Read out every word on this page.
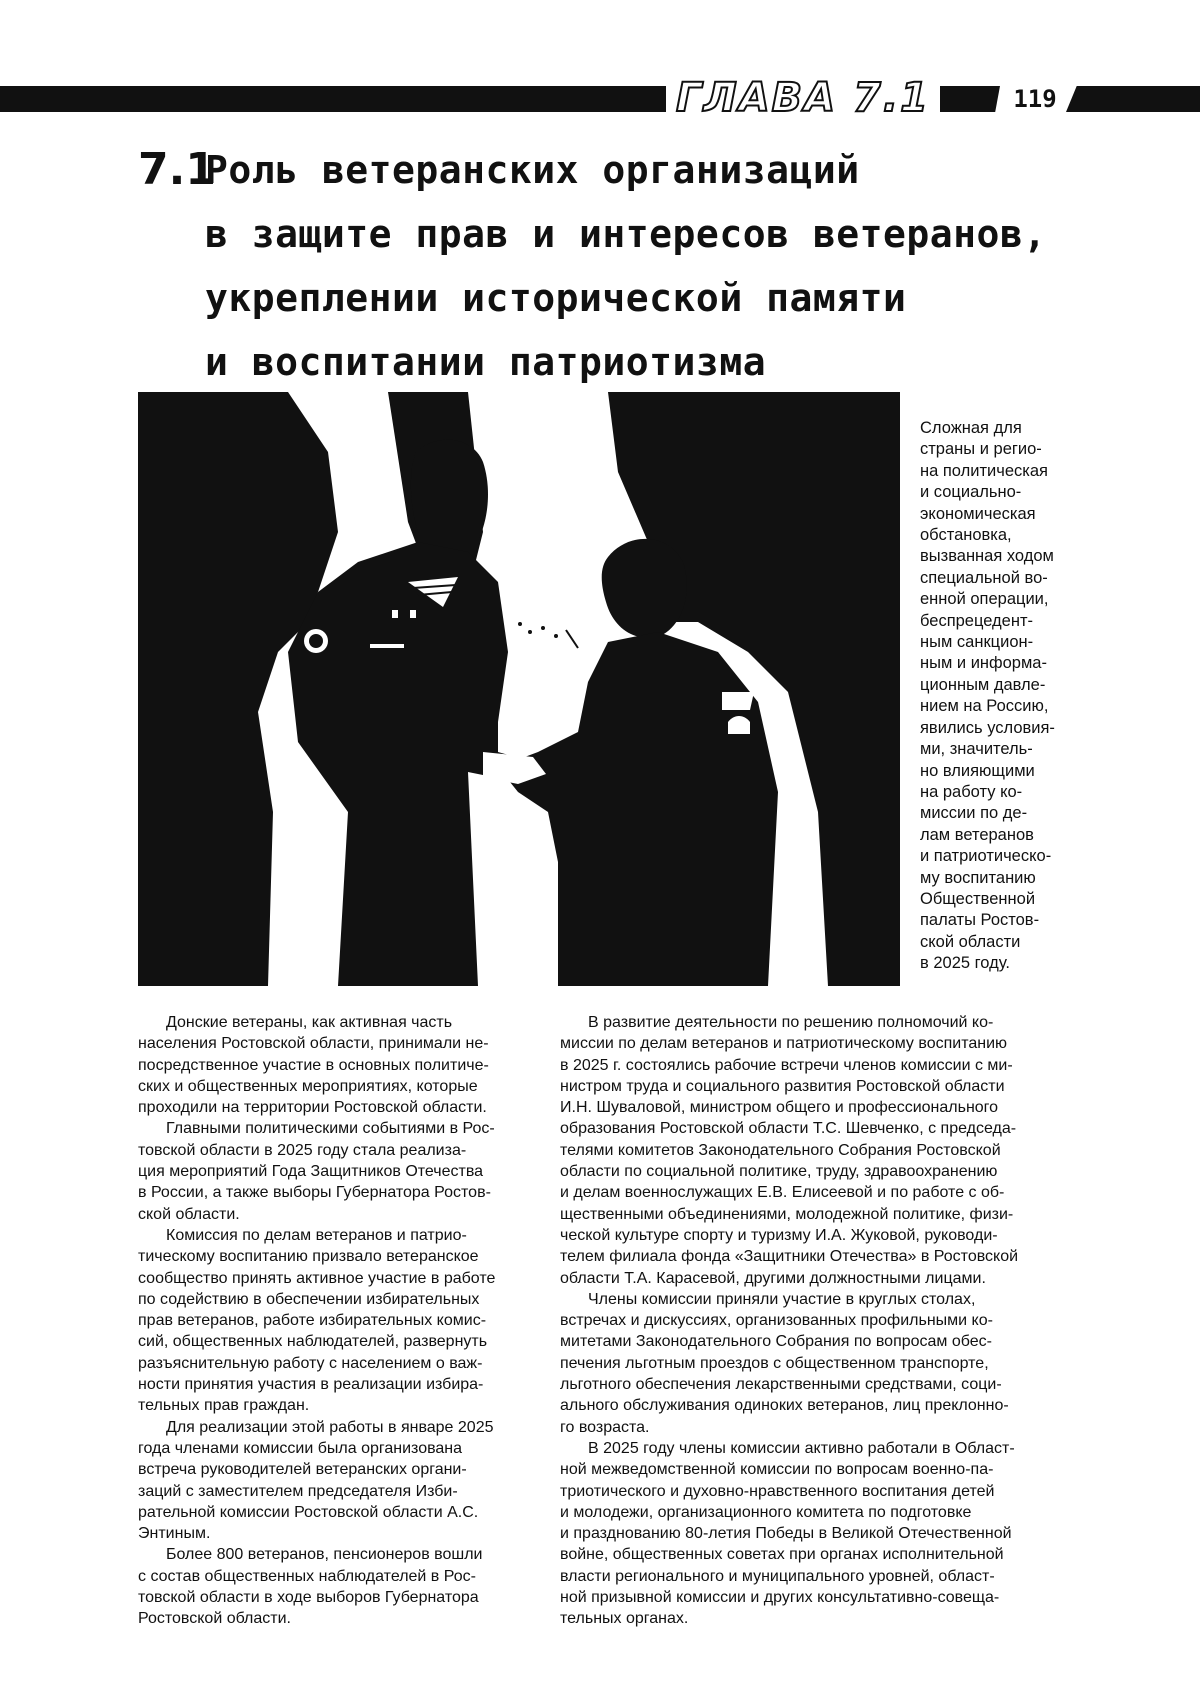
ГЛАВА 7.1	119
7.1
Роль ветеранских организаций
в защите прав и интересов ветеранов,
укреплении исторической памяти
и воспитании патриотизма
Сложная для
страны и регио-
на политическая
и социально-
экономическая
обстановка,
вызванная ходом
специальной во-
енной операции,
беспрецедент-
ным санкцион-
ным и информа-
ционным давле-
нием на Россию,
явились условия-
ми, значитель-
но влияющими
на работу ко-
миссии по де-
лам ветеранов
и патриотическо-
му воспитанию
Общественной
палаты Ростов-
ской области
в 2025 году.
Донские ветераны, как активная часть
населения Ростовской области, принимали не-
посредственное участие в основных политиче-
ских и общественных мероприятиях, которые
проходили на территории Ростовской области.
Главными политическими событиями в Рос-
товской области в 2025 году стала реализа-
ция мероприятий Года Защитников Отечества
в России, а также выборы Губернатора Ростов-
ской области.
Комиссия по делам ветеранов и патрио-
тическому воспитанию призвало ветеранское
сообщество принять активное участие в работе
по содействию в обеспечении избирательных
прав ветеранов, работе избирательных комис-
сий, общественных наблюдателей, развернуть
разъяснительную работу с населением о важ-
ности принятия участия в реализации избира-
тельных прав граждан.
Для реализации этой работы в январе 2025
года членами комиссии была организована
встреча руководителей ветеранских органи-
заций с заместителем председателя Изби-
рательной комиссии Ростовской области А.С.
Энтиным.
Более 800 ветеранов, пенсионеров вошли
с состав общественных наблюдателей в Рос-
товской области в ходе выборов Губернатора
Ростовской области.
В развитие деятельности по решению полномочий ко-
миссии по делам ветеранов и патриотическому воспитанию
в 2025 г. состоялись рабочие встречи членов комиссии с ми-
нистром труда и социального развития Ростовской области
И.Н. Шуваловой, министром общего и профессионального
образования Ростовской области Т.С. Шевченко, с председа-
телями комитетов Законодательного Собрания Ростовской
области по социальной политике, труду, здравоохранению
и делам военнослужащих Е.В. Елисеевой и по работе с об-
щественными объединениями, молодежной политике, физи-
ческой культуре спорту и туризму И.А. Жуковой, руководи-
телем филиала фонда «Защитники Отечества» в Ростовской
области Т.А. Карасевой, другими должностными лицами.
Члены комиссии приняли участие в круглых столах,
встречах и дискуссиях, организованных профильными ко-
митетами Законодательного Собрания по вопросам обес-
печения льготным проездов с общественном транспорте,
льготного обеспечения лекарственными средствами, соци-
ального обслуживания одиноких ветеранов, лиц преклонно-
го возраста.
В 2025 году члены комиссии активно работали в Област-
ной межведомственной комиссии по вопросам военно-па-
триотического и духовно-нравственного воспитания детей
и молодежи, организационного комитета по подготовке
и празднованию 80-летия Победы в Великой Отечественной
войне, общественных советах при органах исполнительной
власти регионального и муниципального уровней, област-
ной призывной комиссии и других консультативно-совеща-
тельных органах.
